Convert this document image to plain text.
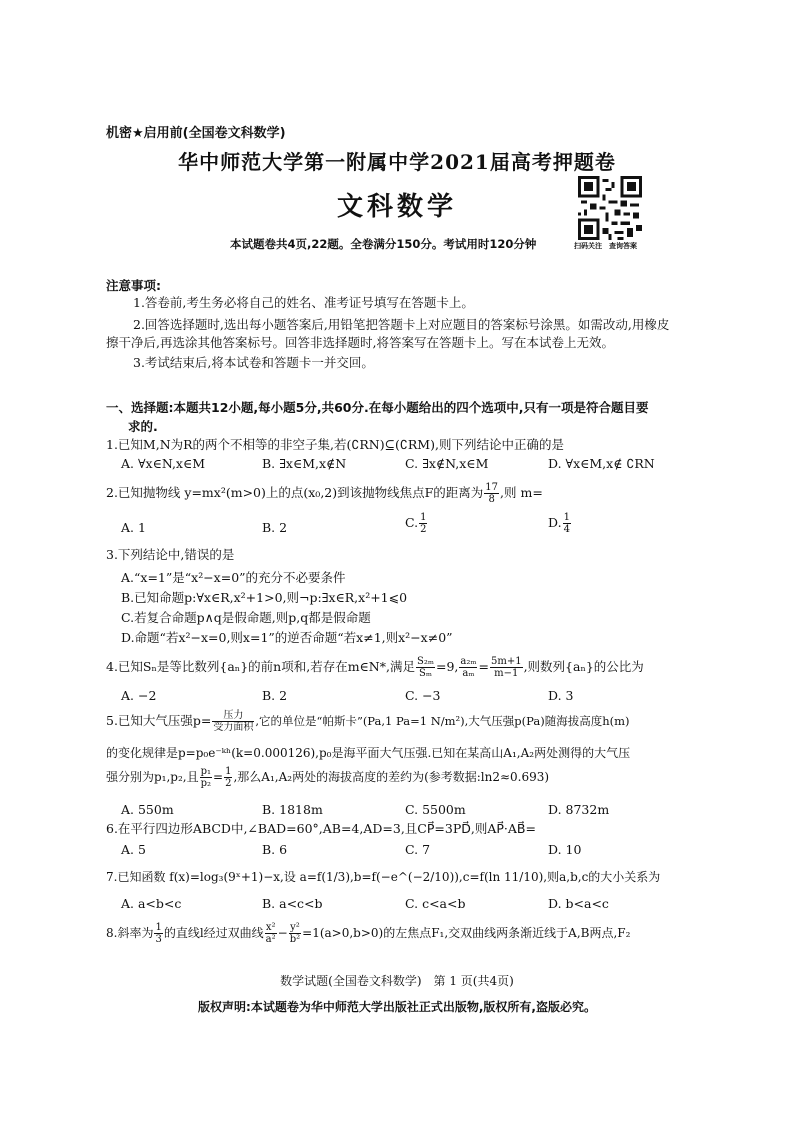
机密★启用前(全国卷文科数学)
华中师范大学第一附属中学2021届高考押题卷
文科数学
本试题卷共4页,22题。全卷满分150分。考试用时120分钟	扫码关注　查询答案
注意事项:
1.答卷前,考生务必将自己的姓名、准考证号填写在答题卡上。
2.回答选择题时,选出每小题答案后,用铅笔把答题卡上对应题目的答案标号涂黑。如需改动,用橡皮
擦干净后,再选涂其他答案标号。回答非选择题时,将答案写在答题卡上。写在本试卷上无效。
3.考试结束后,将本试卷和答题卡一并交回。
一、选择题:本题共12小题,每小题5分,共60分.在每小题给出的四个选项中,只有一项是符合题目要
求的.
1.已知M,N为R的两个不相等的非空子集,若(∁RN)⊆(∁RM),则下列结论中正确的是
A. ∀x∈N,x∈M	B. ∃x∈M,x∉N	C. ∃x∉N,x∈M	D. ∀x∈M,x∉ ∁RN
2.已知抛物线 y=mx²(m>0)上的点(x₀,2)到该抛物线焦点F的距离为 $\frac{17}{8}$ ,则 m=
A. 1	B. 2	C. $\frac{1}{2}$	D. $\frac{1}{4}$
3.下列结论中,错误的是
A.“x=1”是“x²−x=0”的充分不必要条件
B.已知命题p:∀x∈R,x²+1>0,则¬p:∃x∈R,x²+1⩽0
C.若复合命题p∧q是假命题,则p,q都是假命题
D.命题“若x²−x=0,则x=1”的逆否命题“若x≠1,则x²−x≠0”
4.已知Sₙ是等比数列{aₙ}的前n项和,若存在m∈N*,满足 $\frac{\text{S₂ₘ}}{\text{Sₘ}} =9$, $\frac{\text{a₂ₘ}}{\text{aₘ}} = \frac{5m+1}{m-1}$ ,则数列{aₙ}的公比为
A. −2	B. 2	C. −3	D. 3
5.已知大气压强$p= \frac{\text{压力}}{\text{受力面积}}$ ,它的单位是“帕斯卡”(Pa,1 Pa=1 N/m²),大气压强p(Pa)随海拔高度h(m)
的变化规律是p=p₀e⁻ᵏʰ(k=0.000126),p₀是海平面大气压强.已知在某高山A₁,A₂两处测得的大气压
强分别为p₁,p₂,且 $\frac{\text{p₁}}{\text{p₂}} = \frac{1}{2}$ ,那么A₁,A₂两处的海拔高度的差约为(参考数据:ln2≈0.693)
A. 550m	B. 1818m	C. 5500m	D. 8732m
6.在平行四边形ABCD中,∠BAD=60°,AB=4,AD=3,且CP⃗=3PD⃗,则AP⃗·AB⃗=
A. 5	B. 6	C. 7	D. 10
7.已知函数 f(x)=log₃(9ˣ+1)−x,设 a=f(1/3),b=f(−e^(−2/10)),c=f(ln 11/10),则a,b,c的大小关系为
A. a<b<c	B. a<c<b	C. c<a<b	D. b<a<c
8.斜率为 $\frac{1}{3}$ 的直线l经过双曲线 $\frac{\text{x²}}{\text{a²}} - \frac{\text{y²}}{\text{b²}} =1(a>0,b>0)$的左焦点F₁,交双曲线两条渐近线于A,B两点,F₂
数学试题(全国卷文科数学)　第 1 页(共4页)
版权声明:本试题卷为华中师范大学出版社正式出版物,版权所有,盗版必究。
